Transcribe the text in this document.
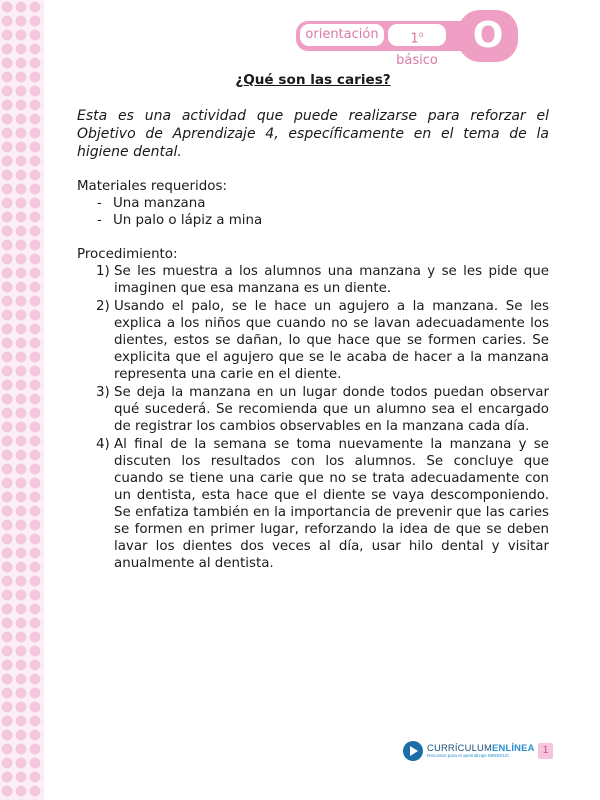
orientación	1$^o$ básico
O

¿Qué son las caries?

Esta es una actividad que puede realizarse para reforzar el Objetivo de Aprendizaje 4, específicamente en el tema de la higiene dental.

Materiales requeridos:

- Una manzana
- Un palo o lápiz a mina

Procedimiento:

1) Se les muestra a los alumnos una manzana y se les pide que imaginen que esa manzana es un diente.
2) Usando el palo, se le hace un agujero a la manzana. Se les explica a los niños que cuando no se lavan adecuadamente los dientes, estos se dañan, lo que hace que se formen caries. Se explicita que el agujero que se le acaba de hacer a la manzana representa una carie en el diente.
3) Se deja la manzana en un lugar donde todos puedan observar qué sucederá. Se recomienda que un alumno sea el encargado de registrar los cambios observables en la manzana cada día.
4) Al final de la semana se toma nuevamente la manzana y se discuten los resultados con los alumnos. Se concluye que cuando se tiene una carie que no se trata adecuadamente con un dentista, esta hace que el diente se vaya descomponiendo. Se enfatiza también en la importancia de prevenir que las caries se formen en primer lugar, reforzando la idea de que se deben lavar los dientes dos veces al día, usar hilo dental y visitar anualmente al dentista.
CURRÍCULUMENLÍNEA
Recursos para el aprendizaje MINEDUC	1
